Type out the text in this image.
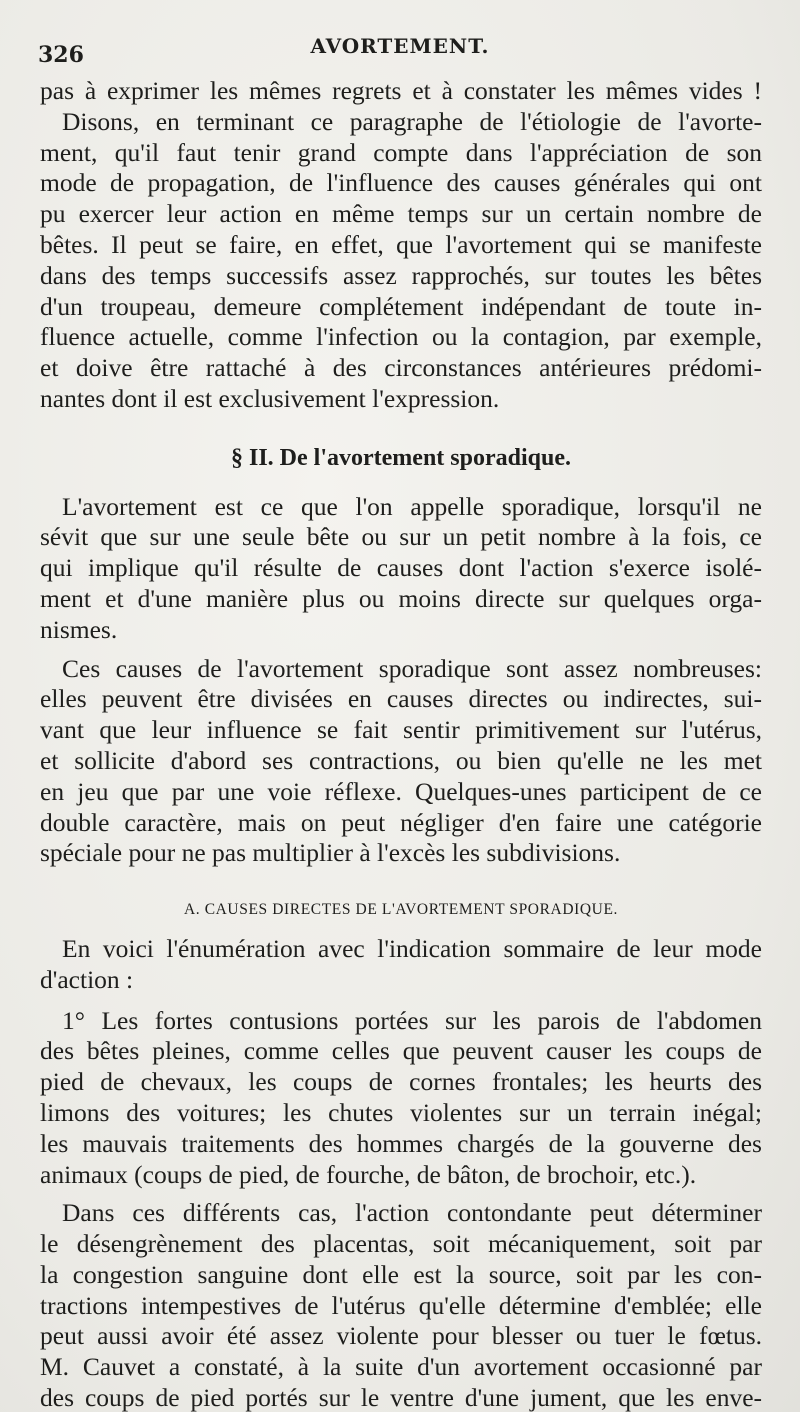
326	AVORTEMENT.
pas à exprimer les mêmes regrets et à constater les mêmes vides !
Disons, en terminant ce paragraphe de l'étiologie de l'avorte-
ment, qu'il faut tenir grand compte dans l'appréciation de son
mode de propagation, de l'influence des causes générales qui ont
pu exercer leur action en même temps sur un certain nombre de
bêtes. Il peut se faire, en effet, que l'avortement qui se manifeste
dans des temps successifs assez rapprochés, sur toutes les bêtes
d'un troupeau, demeure complétement indépendant de toute in-
fluence actuelle, comme l'infection ou la contagion, par exemple,
et doive être rattaché à des circonstances antérieures prédomi-
nantes dont il est exclusivement l'expression.
§ II. De l'avortement sporadique.
L'avortement est ce que l'on appelle sporadique, lorsqu'il ne
sévit que sur une seule bête ou sur un petit nombre à la fois, ce
qui implique qu'il résulte de causes dont l'action s'exerce isolé-
ment et d'une manière plus ou moins directe sur quelques orga-
nismes.
Ces causes de l'avortement sporadique sont assez nombreuses:
elles peuvent être divisées en causes directes ou indirectes, sui-
vant que leur influence se fait sentir primitivement sur l'utérus,
et sollicite d'abord ses contractions, ou bien qu'elle ne les met
en jeu que par une voie réflexe. Quelques-unes participent de ce
double caractère, mais on peut négliger d'en faire une catégorie
spéciale pour ne pas multiplier à l'excès les subdivisions.
A. CAUSES DIRECTES DE L'AVORTEMENT SPORADIQUE.
En voici l'énumération avec l'indication sommaire de leur mode
d'action :
1° Les fortes contusions portées sur les parois de l'abdomen
des bêtes pleines, comme celles que peuvent causer les coups de
pied de chevaux, les coups de cornes frontales; les heurts des
limons des voitures; les chutes violentes sur un terrain inégal;
les mauvais traitements des hommes chargés de la gouverne des
animaux (coups de pied, de fourche, de bâton, de brochoir, etc.).
Dans ces différents cas, l'action contondante peut déterminer
le désengrènement des placentas, soit mécaniquement, soit par
la congestion sanguine dont elle est la source, soit par les con-
tractions intempestives de l'utérus qu'elle détermine d'emblée; elle
peut aussi avoir été assez violente pour blesser ou tuer le fœtus.
M. Cauvet a constaté, à la suite d'un avortement occasionné par
des coups de pied portés sur le ventre d'une jument, que les enve-
